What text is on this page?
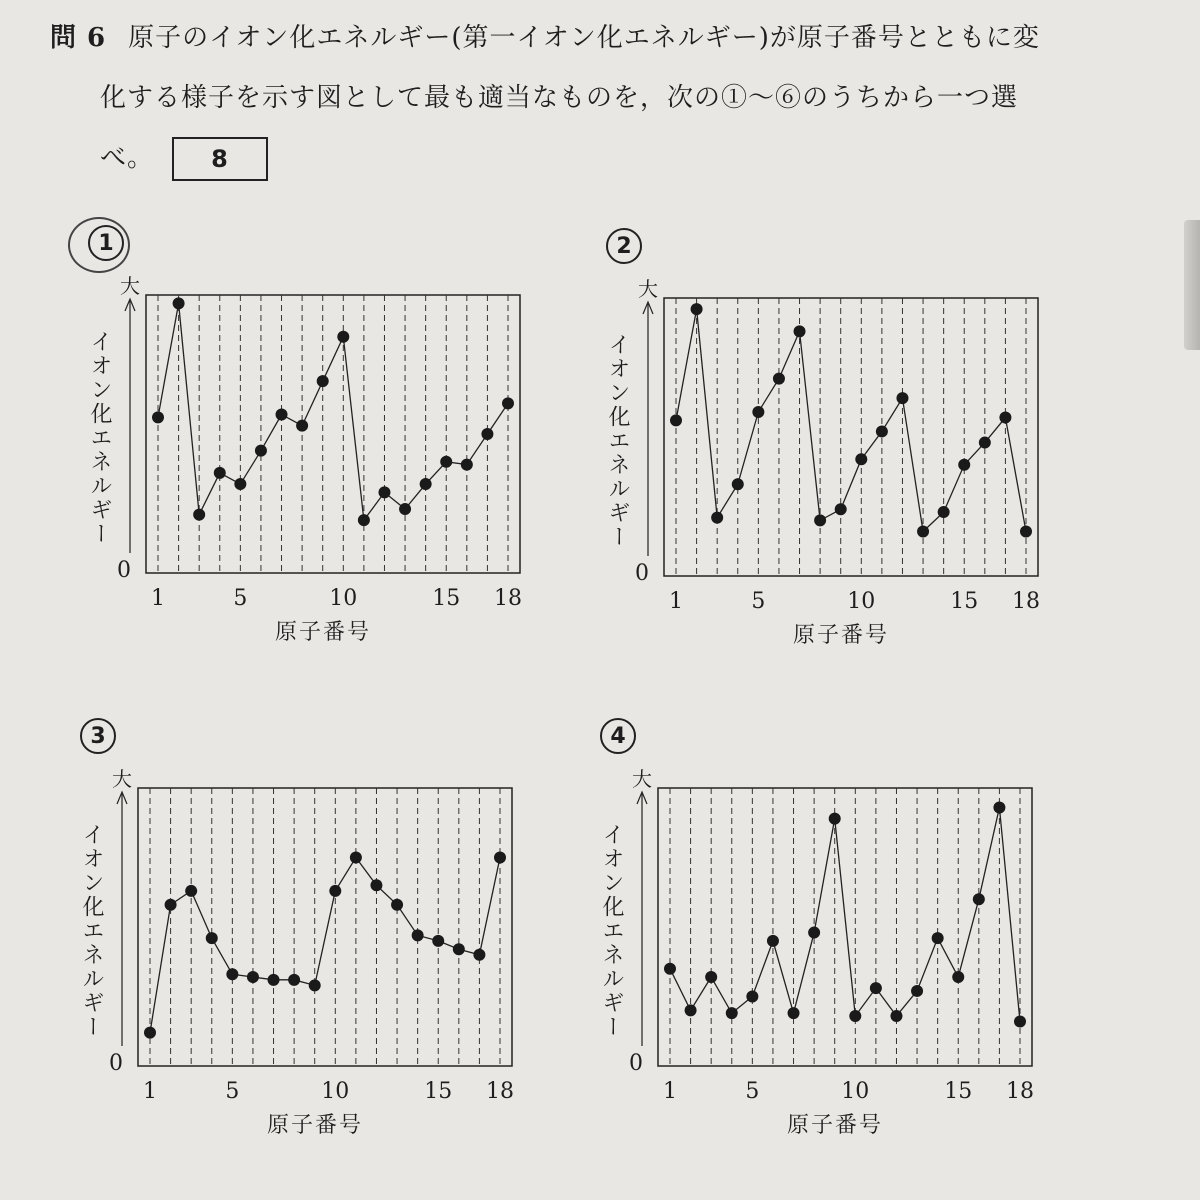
問 6 原子のイオン化エネルギー(第一イオン化エネルギー)が原子番号とともに変
化する様子を示す図として最も適当なものを，次の①～⑥のうちから一つ選
べ。 8
1	5	10	15 18
大
0
1
イオン化エネルギー
原子番号
1	5	10	15 18
大
0
2
イオン化エネルギー
原子番号
1	5	10	15 18
大
0
3
イオン化エネルギー
原子番号
1	5	10	15 18
大
0
4
イオン化エネルギー
原子番号
